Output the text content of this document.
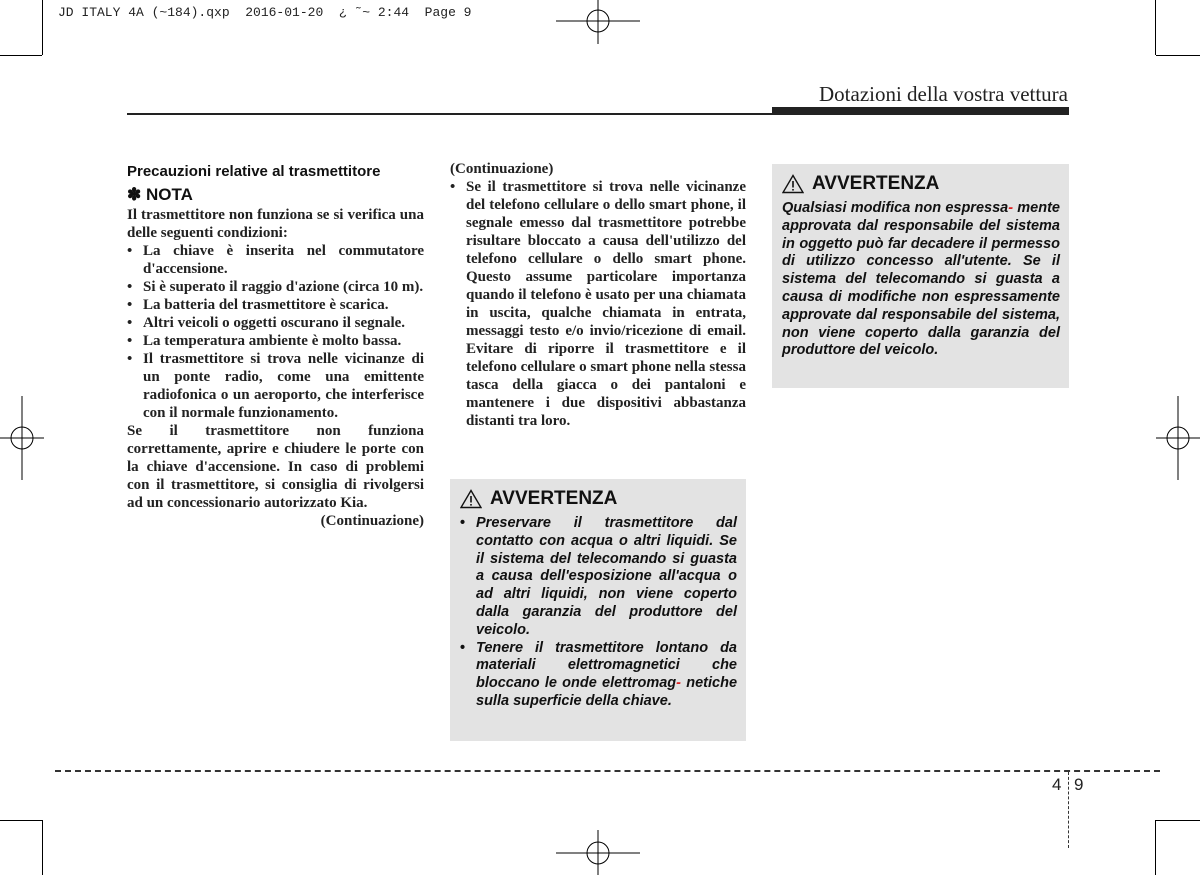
JD ITALY 4A (~184).qxp  2016-01-20  ¿ ˜~ 2:44  Page 9
Dotazioni della vostra vettura
Precauzioni relative al trasmettitore
✽ NOTA
Il trasmettitore non funziona se si verifica una delle seguenti condizioni:
• La chiave è inserita nel commutatore d'accensione.
• Si è superato il raggio d'azione (circa 10 m).
• La batteria del trasmettitore è scarica.
• Altri veicoli o oggetti oscurano il segnale.
• La temperatura ambiente è molto bassa.
• Il trasmettitore si trova nelle vicinanze di un ponte radio, come una emittente radiofonica o un aeroporto, che interferisce con il normale funzionamento.
Se il trasmettitore non funziona correttamente, aprire e chiudere le porte con la chiave d'accensione. In caso di problemi con il trasmettitore, si consiglia di rivolgersi ad un concessionario autorizzato Kia.
(Continuazione)
(Continuazione)
• Se il trasmettitore si trova nelle vicinanze del telefono cellulare o dello smart phone, il segnale emesso dal trasmettitore potrebbe risultare bloccato a causa dell'utilizzo del telefono cellulare o dello smart phone. Questo assume particolare importanza quando il telefono è usato per una chiamata in uscita, qualche chiamata in entrata, messaggi testo e/o invio/ricezione di email. Evitare di riporre il trasmettitore e il telefono cellulare o smart phone nella stessa tasca della giacca o dei pantaloni e mantenere i due dispositivi abbastanza distanti tra loro.
AVVERTENZA
• Preservare il trasmettitore dal contatto con acqua o altri liquidi. Se il sistema del telecomando si guasta a causa dell'esposizione all'acqua o ad altri liquidi, non viene coperto dalla garanzia del produttore del veicolo.
• Tenere il trasmettitore lontano da materiali elettromagnetici che bloccano le onde elettromag- netiche sulla superficie della chiave.
AVVERTENZA

Qualsiasi modifica non espressa- mente approvata dal responsabile del sistema in oggetto può far decadere il permesso di utilizzo concesso all'utente. Se il sistema del telecomando si guasta a causa di modifiche non espressamente approvate dal responsabile del sistema, non viene coperto dalla garanzia del produttore del veicolo.

4 9
